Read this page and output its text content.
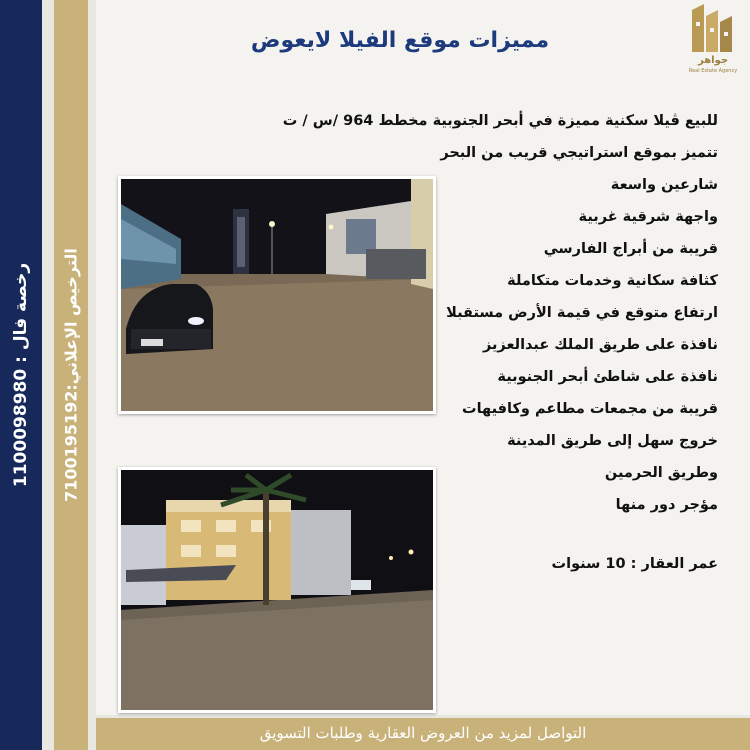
رخصة فال : 1100098980
الترخيص الإعلاني:7100195192
مميزات موقع الفيلا لايعوض
جواهر
Real Estate Agency
للبيع ڤيلا سكنية مميزة في أبحر الجنوبية مخطط 964 /س / ت
تتميز بموقع استراتيجي قريب من البحر
شارعين واسعة
واجهة شرقية غربية
قريبة من أبراج الفارسي
كثافة سكانية وخدمات متكاملة
ارتفاع متوقع في قيمة الأرض مستقبلا
نافذة على طريق الملك عبدالعزيز
نافذة على شاطئ أبحر الجنوبية
قريبة من مجمعات مطاعم وكافيهات
خروج سهل إلى طريق المدينة
وطريق الحرمين
مؤجر دور منها
عمر العقار : 10 سنوات
التواصل لمزيد من العروض العقارية وطلبات التسويق
